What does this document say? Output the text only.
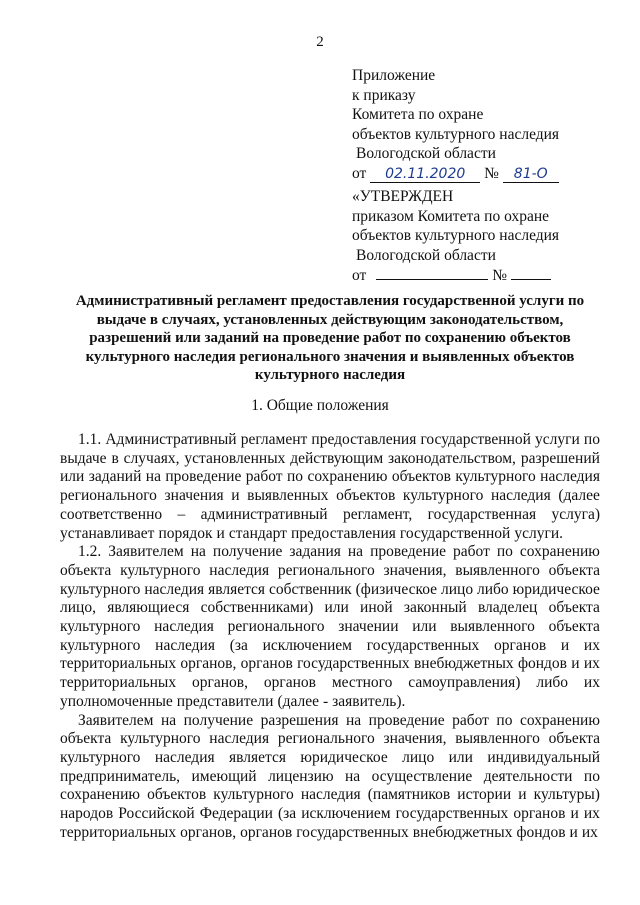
2
Приложение
к приказу
Комитета по охране
объектов культурного наследия
Вологодской области
от 02.11.2020 № 81-О
«УТВЕРЖДЕН
приказом Комитета по охране
объектов культурного наследия
Вологодской области
от	№
Административный регламент предоставления государственной услуги по
выдаче в случаях, установленных действующим законодательством,
разрешений или заданий на проведение работ по сохранению объектов
культурного наследия регионального значения и выявленных объектов
культурного наследия
1. Общие положения
1.1. Административный регламент предоставления государственной услуги по
выдаче в случаях, установленных действующим законодательством, разрешений
или заданий на проведение работ по сохранению объектов культурного наследия
регионального значения и выявленных объектов культурного наследия (далее
соответственно – административный регламент, государственная услуга)
устанавливает порядок и стандарт предоставления государственной услуги.
1.2. Заявителем на получение задания на проведение работ по сохранению
объекта культурного наследия регионального значения, выявленного объекта
культурного наследия является собственник (физическое лицо либо юридическое
лицо, являющиеся собственниками) или иной законный владелец объекта
культурного наследия регионального значении или выявленного объекта
культурного наследия (за исключением государственных органов и их
территориальных органов, органов государственных внебюджетных фондов и их
территориальных органов, органов местного самоуправления) либо их
уполномоченные представители (далее - заявитель).
Заявителем на получение разрешения на проведение работ по сохранению
объекта культурного наследия регионального значения, выявленного объекта
культурного наследия является юридическое лицо или индивидуальный
предприниматель, имеющий лицензию на осуществление деятельности по
сохранению объектов культурного наследия (памятников истории и культуры)
народов Российской Федерации (за исключением государственных органов и их
территориальных органов, органов государственных внебюджетных фондов и их
